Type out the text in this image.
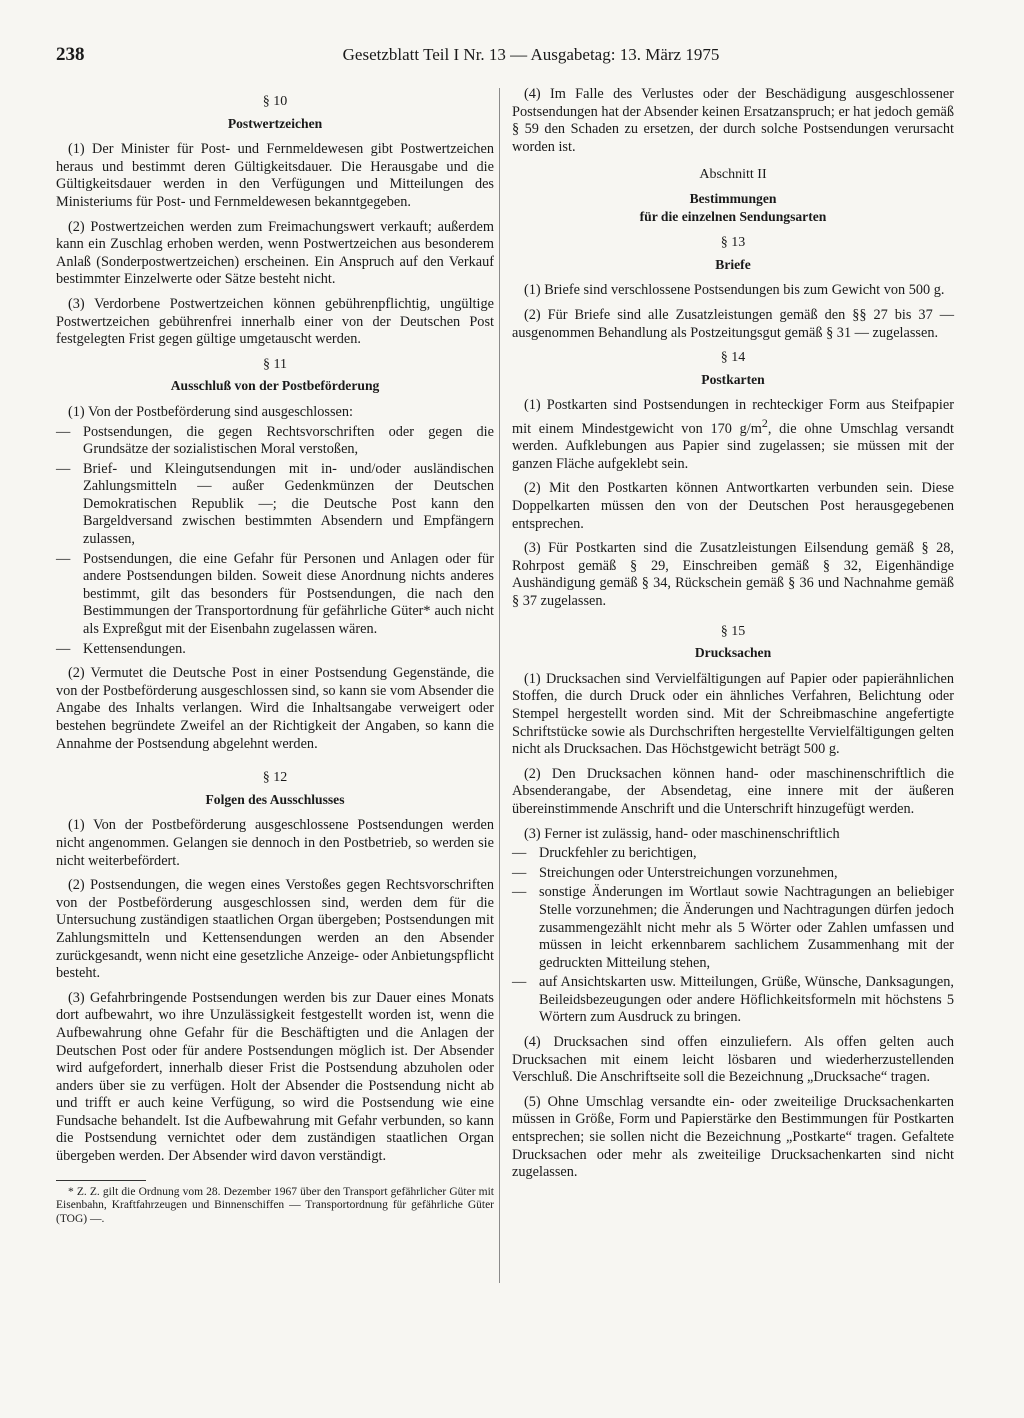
238	Gesetzblatt Teil I Nr. 13 — Ausgabetag: 13. März 1975
§ 10
Postwertzeichen

(1) Der Minister für Post- und Fernmeldewesen gibt Postwertzeichen heraus und bestimmt deren Gültigkeitsdauer. Die Herausgabe und die Gültigkeitsdauer werden in den Verfügungen und Mitteilungen des Ministeriums für Post- und Fernmeldewesen bekanntgegeben.

(2) Postwertzeichen werden zum Freimachungswert verkauft; außerdem kann ein Zuschlag erhoben werden, wenn Postwertzeichen aus besonderem Anlaß (Sonderpostwertzeichen) erscheinen. Ein Anspruch auf den Verkauf bestimmter Einzelwerte oder Sätze besteht nicht.

(3) Verdorbene Postwertzeichen können gebührenpflichtig, ungültige Postwertzeichen gebührenfrei innerhalb einer von der Deutschen Post festgelegten Frist gegen gültige umgetauscht werden.

§ 11
Ausschluß von der Postbeförderung

(1) Von der Postbeförderung sind ausgeschlossen:

— Postsendungen, die gegen Rechtsvorschriften oder gegen die Grundsätze der sozialistischen Moral verstoßen,
— Brief- und Kleingutsendungen mit in- und/oder ausländischen Zahlungsmitteln — außer Gedenkmünzen der Deutschen Demokratischen Republik —; die Deutsche Post kann den Bargeldversand zwischen bestimmten Absendern und Empfängern zulassen,
— Postsendungen, die eine Gefahr für Personen und Anlagen oder für andere Postsendungen bilden. Soweit diese Anordnung nichts anderes bestimmt, gilt das besonders für Postsendungen, die nach den Bestimmungen der Transportordnung für gefährliche Güter* auch nicht als Expreßgut mit der Eisenbahn zugelassen wären.
— Kettensendungen.

(2) Vermutet die Deutsche Post in einer Postsendung Gegenstände, die von der Postbeförderung ausgeschlossen sind, so kann sie vom Absender die Angabe des Inhalts verlangen. Wird die Inhaltsangabe verweigert oder bestehen begründete Zweifel an der Richtigkeit der Angaben, so kann die Annahme der Postsendung abgelehnt werden.

§ 12
Folgen des Ausschlusses

(1) Von der Postbeförderung ausgeschlossene Postsendungen werden nicht angenommen. Gelangen sie dennoch in den Postbetrieb, so werden sie nicht weiterbefördert.

(2) Postsendungen, die wegen eines Verstoßes gegen Rechtsvorschriften von der Postbeförderung ausgeschlossen sind, werden dem für die Untersuchung zuständigen staatlichen Organ übergeben; Postsendungen mit Zahlungsmitteln und Kettensendungen werden an den Absender zurückgesandt, wenn nicht eine gesetzliche Anzeige- oder Anbietungspflicht besteht.

(3) Gefahrbringende Postsendungen werden bis zur Dauer eines Monats dort aufbewahrt, wo ihre Unzulässigkeit festgestellt worden ist, wenn die Aufbewahrung ohne Gefahr für die Beschäftigten und die Anlagen der Deutschen Post oder für andere Postsendungen möglich ist. Der Absender wird aufgefordert, innerhalb dieser Frist die Postsendung abzuholen oder anders über sie zu verfügen. Holt der Absender die Postsendung nicht ab und trifft er auch keine Verfügung, so wird die Postsendung wie eine Fundsache behandelt. Ist die Aufbewahrung mit Gefahr verbunden, so kann die Postsendung vernichtet oder dem zuständigen staatlichen Organ übergeben werden. Der Absender wird davon verständigt.

* Z. Z. gilt die Ordnung vom 28. Dezember 1967 über den Transport gefährlicher Güter mit Eisenbahn, Kraftfahrzeugen und Binnenschiffen — Transportordnung für gefährliche Güter (TOG) —.

(4) Im Falle des Verlustes oder der Beschädigung ausgeschlossener Postsendungen hat der Absender keinen Ersatzanspruch; er hat jedoch gemäß § 59 den Schaden zu ersetzen, der durch solche Postsendungen verursacht worden ist.

Abschnitt II
Bestimmungen
für die einzelnen Sendungsarten
§ 13
Briefe

(1) Briefe sind verschlossene Postsendungen bis zum Gewicht von 500 g.

(2) Für Briefe sind alle Zusatzleistungen gemäß den §§ 27 bis 37 — ausgenommen Behandlung als Postzeitungsgut gemäß § 31 — zugelassen.

§ 14
Postkarten

(1) Postkarten sind Postsendungen in rechteckiger Form aus Steifpapier mit einem Mindestgewicht von 170 $g/m^2$, die ohne Umschlag versandt werden. Aufklebungen aus Papier sind zugelassen; sie müssen mit der ganzen Fläche aufgeklebt sein.

(2) Mit den Postkarten können Antwortkarten verbunden sein. Diese Doppelkarten müssen den von der Deutschen Post herausgegebenen entsprechen.

(3) Für Postkarten sind die Zusatzleistungen Eilsendung gemäß § 28, Rohrpost gemäß § 29, Einschreiben gemäß § 32, Eigenhändige Aushändigung gemäß § 34, Rückschein gemäß § 36 und Nachnahme gemäß § 37 zugelassen.

§ 15
Drucksachen

(1) Drucksachen sind Vervielfältigungen auf Papier oder papierähnlichen Stoffen, die durch Druck oder ein ähnliches Verfahren, Belichtung oder Stempel hergestellt worden sind. Mit der Schreibmaschine angefertigte Schriftstücke sowie als Durchschriften hergestellte Vervielfältigungen gelten nicht als Drucksachen. Das Höchstgewicht beträgt 500 g.

(2) Den Drucksachen können hand- oder maschinenschriftlich die Absenderangabe, der Absendetag, eine innere mit der äußeren übereinstimmende Anschrift und die Unterschrift hinzugefügt werden.

(3) Ferner ist zulässig, hand- oder maschinenschriftlich

— Druckfehler zu berichtigen,
— Streichungen oder Unterstreichungen vorzunehmen,
— sonstige Änderungen im Wortlaut sowie Nachtragungen an beliebiger Stelle vorzunehmen; die Änderungen und Nachtragungen dürfen jedoch zusammengezählt nicht mehr als 5 Wörter oder Zahlen umfassen und müssen in leicht erkennbarem sachlichem Zusammenhang mit der gedruckten Mitteilung stehen,
— auf Ansichtskarten usw. Mitteilungen, Grüße, Wünsche, Danksagungen, Beileidsbezeugungen oder andere Höflichkeitsformeln mit höchstens 5 Wörtern zum Ausdruck zu bringen.

(4) Drucksachen sind offen einzuliefern. Als offen gelten auch Drucksachen mit einem leicht lösbaren und wiederherzustellenden Verschluß. Die Anschriftseite soll die Bezeichnung „Drucksache“ tragen.

(5) Ohne Umschlag versandte ein- oder zweiteilige Drucksachenkarten müssen in Größe, Form und Papierstärke den Bestimmungen für Postkarten entsprechen; sie sollen nicht die Bezeichnung „Postkarte“ tragen. Gefaltete Drucksachen oder mehr als zweiteilige Drucksachenkarten sind nicht zugelassen.
